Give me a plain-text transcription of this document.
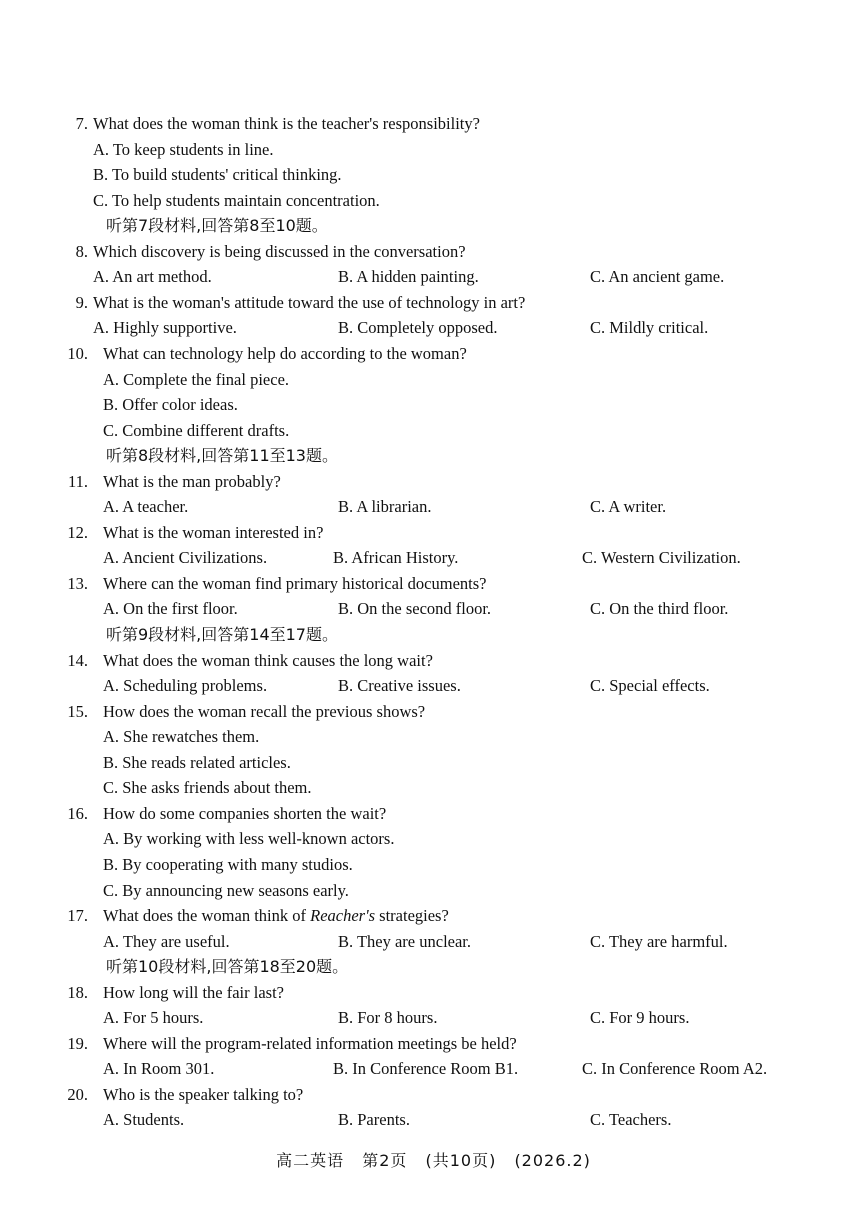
7. What does the woman think is the teacher's responsibility?
A. To keep students in line.
B. To build students' critical thinking.
C. To help students maintain concentration.
听第7段材料,回答第8至10题。
8. Which discovery is being discussed in the conversation?
A. An art method.	B. A hidden painting.	C. An ancient game.
9. What is the woman's attitude toward the use of technology in art?
A. Highly supportive.	B. Completely opposed.	C. Mildly critical.
10. What can technology help do according to the woman?
A. Complete the final piece.
B. Offer color ideas.
C. Combine different drafts.
听第8段材料,回答第11至13题。
11. What is the man probably?
A. A teacher.	B. A librarian.	C. A writer.
12. What is the woman interested in?
A. Ancient Civilizations.	B. African History.	C. Western Civilization.
13. Where can the woman find primary historical documents?
A. On the first floor.	B. On the second floor.	C. On the third floor.
听第9段材料,回答第14至17题。
14. What does the woman think causes the long wait?
A. Scheduling problems.	B. Creative issues.	C. Special effects.
15. How does the woman recall the previous shows?
A. She rewatches them.
B. She reads related articles.
C. She asks friends about them.
16. How do some companies shorten the wait?
A. By working with less well-known actors.
B. By cooperating with many studios.
C. By announcing new seasons early.
17. What does the woman think of Reacher's strategies?
A. They are useful.	B. They are unclear.	C. They are harmful.
听第10段材料,回答第18至20题。
18. How long will the fair last?
A. For 5 hours.	B. For 8 hours.	C. For 9 hours.
19. Where will the program-related information meetings be held?
A. In Room 301.	B. In Conference Room B1.	C. In Conference Room A2.
20. Who is the speaker talking to?
A. Students.	B. Parents.	C. Teachers.
高二英语 第2页 (共10页) (2026.2)
